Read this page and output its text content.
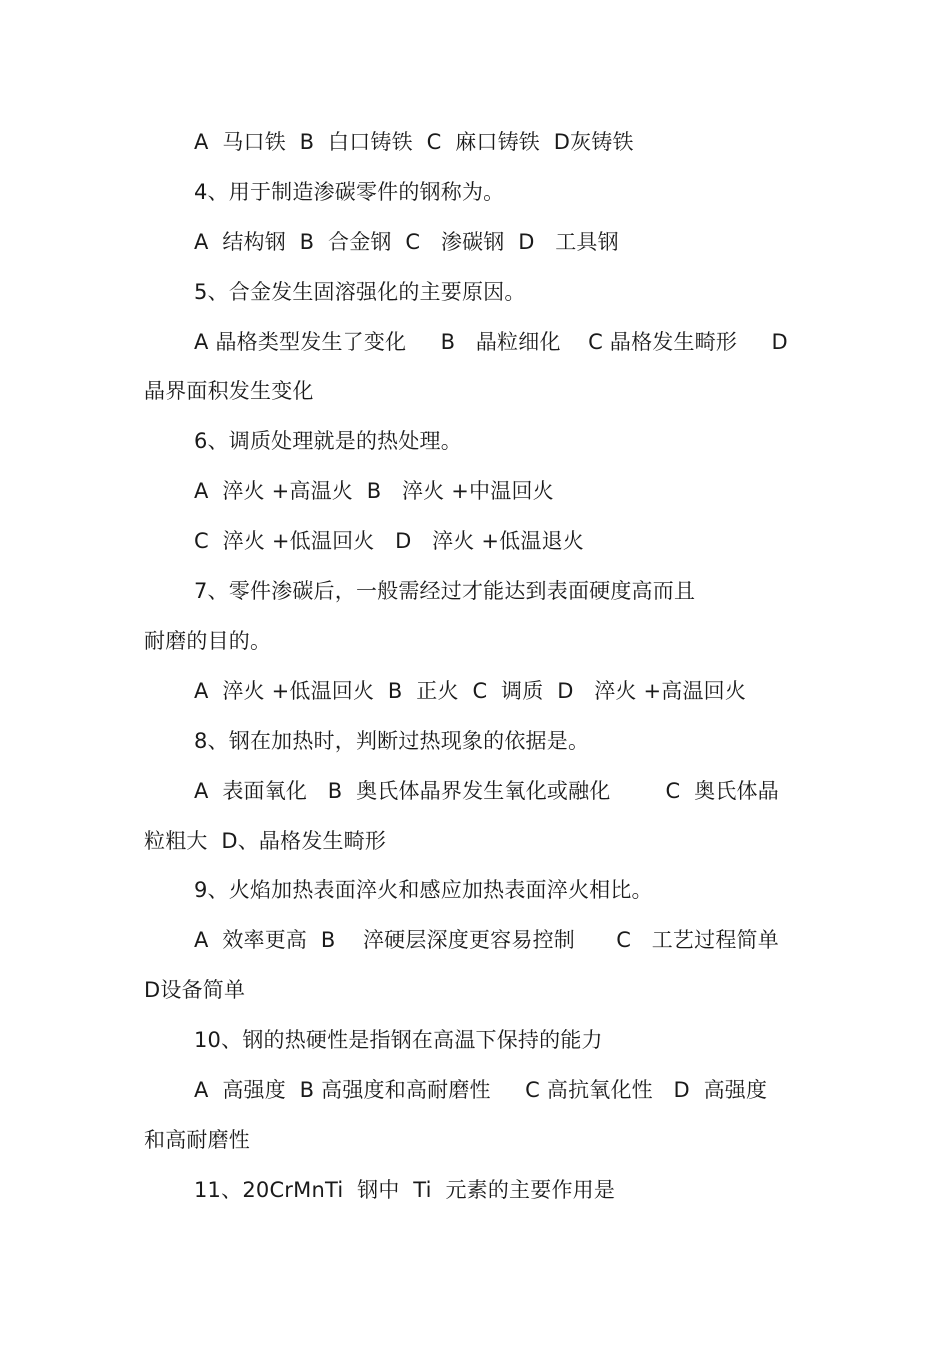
A  马口铁  B  白口铸铁  C  麻口铸铁  D灰铸铁
4、用于制造渗碳零件的钢称为。
A  结构钢  B  合金钢  C   渗碳钢  D   工具钢
5、合金发生固溶强化的主要原因。
A 晶格类型发生了变化     B   晶粒细化    C 晶格发生畸形     D
晶界面积发生变化
6、调质处理就是的热处理。
A  淬火 +高温火  B   淬火 +中温回火
C  淬火 +低温回火   D   淬火 +低温退火
7、零件渗碳后，一般需经过才能达到表面硬度高而且
耐磨的目的。
A  淬火 +低温回火  B  正火  C  调质  D   淬火 +高温回火
8、钢在加热时，判断过热现象的依据是。
A  表面氧化   B  奥氏体晶界发生氧化或融化        C  奥氏体晶
粒粗大  D、晶格发生畸形
9、火焰加热表面淬火和感应加热表面淬火相比。
A  效率更高  B    淬硬层深度更容易控制      C   工艺过程简单
D设备简单
10、钢的热硬性是指钢在高温下保持的能力
A  高强度  B 高强度和高耐磨性     C 高抗氧化性   D  高强度
和高耐磨性
11、20CrMnTi  钢中  Ti  元素的主要作用是
